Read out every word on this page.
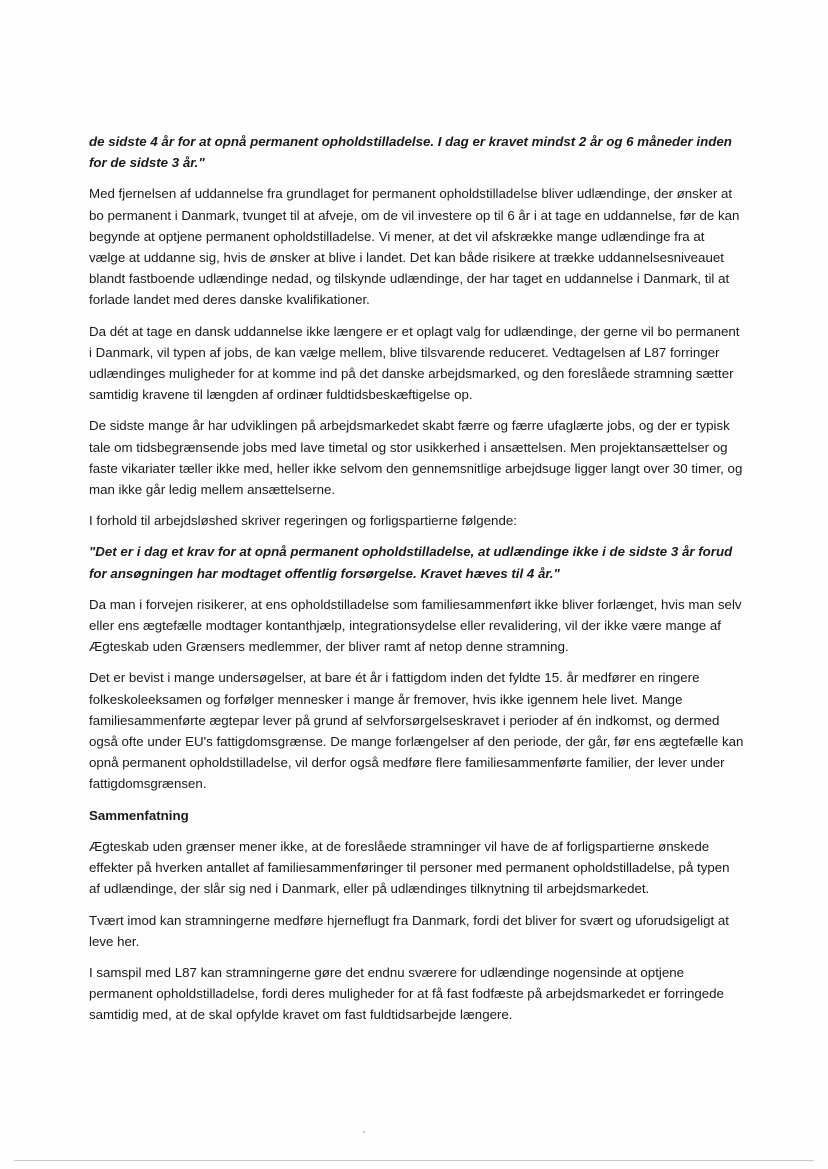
de sidste 4 år for at opnå permanent opholdstilladelse. I dag er kravet mindst 2 år og 6 måneder inden for de sidste 3 år."

Med fjernelsen af uddannelse fra grundlaget for permanent opholdstilladelse bliver udlændinge, der ønsker at bo permanent i Danmark, tvunget til at afveje, om de vil investere op til 6 år i at tage en uddannelse, før de kan begynde at optjene permanent opholdstilladelse. Vi mener, at det vil afskrække mange udlændinge fra at vælge at uddanne sig, hvis de ønsker at blive i landet. Det kan både risikere at trække uddannelsesniveauet blandt fastboende udlændinge nedad, og tilskynde udlændinge, der har taget en uddannelse i Danmark, til at forlade landet med deres danske kvalifikationer.

Da dét at tage en dansk uddannelse ikke længere er et oplagt valg for udlændinge, der gerne vil bo permanent i Danmark, vil typen af jobs, de kan vælge mellem, blive tilsvarende reduceret. Vedtagelsen af L87 forringer udlændinges muligheder for at komme ind på det danske arbejdsmarked, og den foreslåede stramning sætter samtidig kravene til længden af ordinær fuldtidsbeskæftigelse op.

De sidste mange år har udviklingen på arbejdsmarkedet skabt færre og færre ufaglærte jobs, og der er typisk tale om tidsbegrænsende jobs med lave timetal og stor usikkerhed i ansættelsen. Men projektansættelser og faste vikariater tæller ikke med, heller ikke selvom den gennemsnitlige arbejdsuge ligger langt over 30 timer, og man ikke går ledig mellem ansættelserne.

I forhold til arbejdsløshed skriver regeringen og forligspartierne følgende:

"Det er i dag et krav for at opnå permanent opholdstilladelse, at udlændinge ikke i de sidste 3 år forud for ansøgningen har modtaget offentlig forsørgelse. Kravet hæves til 4 år."

Da man i forvejen risikerer, at ens opholdstilladelse som familiesammenført ikke bliver forlænget, hvis man selv eller ens ægtefælle modtager kontanthjælp, integrationsydelse eller revalidering, vil der ikke være mange af Ægteskab uden Grænsers medlemmer, der bliver ramt af netop denne stramning.

Det er bevist i mange undersøgelser, at bare ét år i fattigdom inden det fyldte 15. år medfører en ringere folkeskoleeksamen og forfølger mennesker i mange år fremover, hvis ikke igennem hele livet. Mange familiesammenførte ægtepar lever på grund af selvforsørgelseskravet i perioder af én indkomst, og dermed også ofte under EU's fattigdomsgrænse. De mange forlængelser af den periode, der går, før ens ægtefælle kan opnå permanent opholdstilladelse, vil derfor også medføre flere familiesammenførte familier, der lever under fattigdomsgrænsen.

Sammenfatning

Ægteskab uden grænser mener ikke, at de foreslåede stramninger vil have de af forligspartierne ønskede effekter på hverken antallet af familiesammenføringer til personer med permanent opholdstilladelse, på typen af udlændinge, der slår sig ned i Danmark, eller på udlændinges tilknytning til arbejdsmarkedet.

Tvært imod kan stramningerne medføre hjerneflugt fra Danmark, fordi det bliver for svært og uforudsigeligt at leve her.

I samspil med L87 kan stramningerne gøre det endnu sværere for udlændinge nogensinde at optjene permanent opholdstilladelse, fordi deres muligheder for at få fast fodfæste på arbejdsmarkedet er forringede samtidig med, at de skal opfylde kravet om fast fuldtidsarbejde længere.
